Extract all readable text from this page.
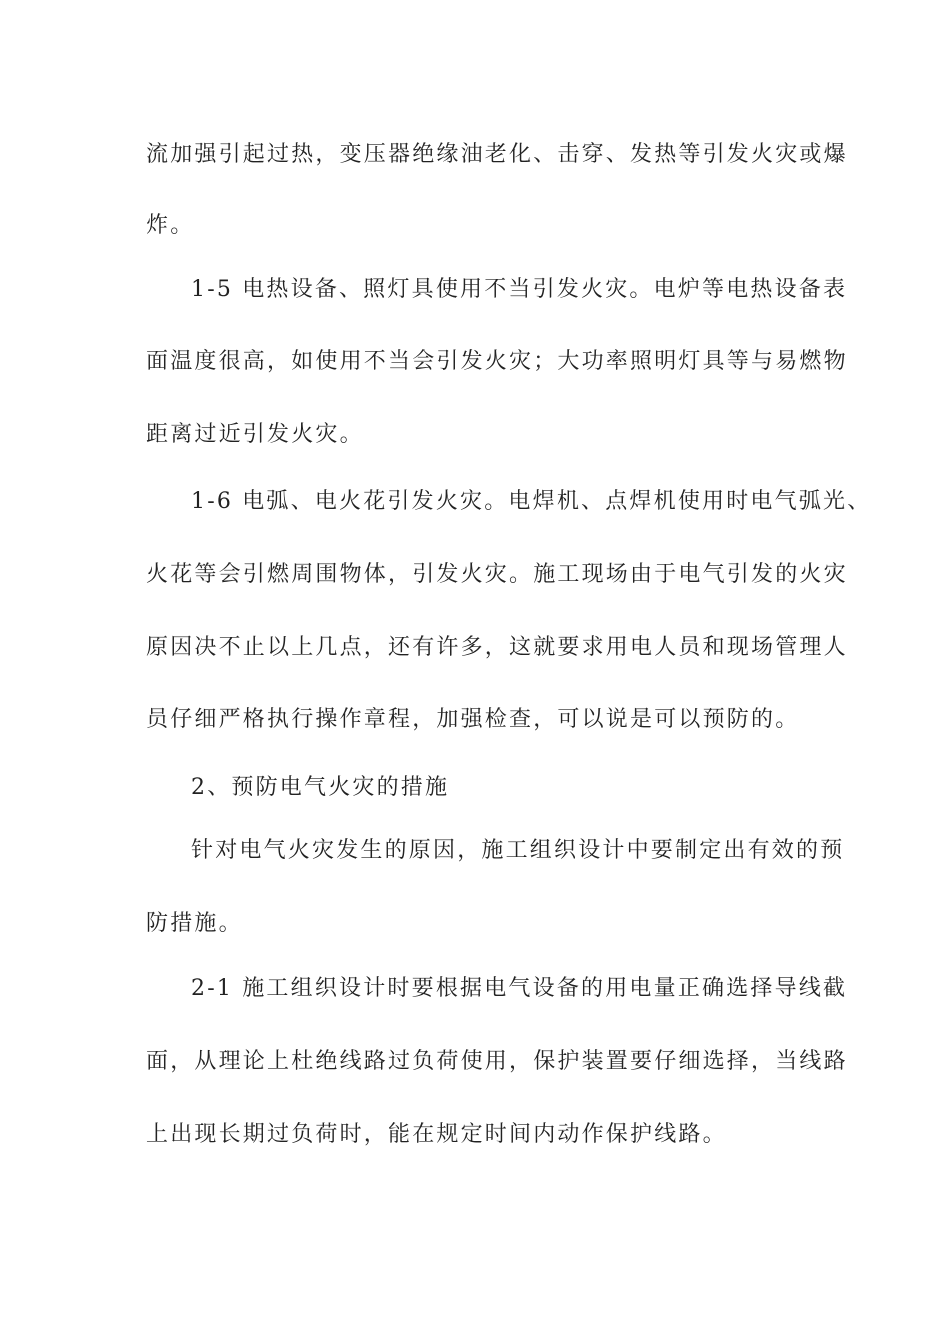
流加强引起过热，变压器绝缘油老化、击穿、发热等引发火灾或爆
炸。
1-5 电热设备、照灯具使用不当引发火灾。电炉等电热设备表
面温度很高，如使用不当会引发火灾；大功率照明灯具等与易燃物
距离过近引发火灾。
1-6 电弧、电火花引发火灾。电焊机、点焊机使用时电气弧光、
火花等会引燃周围物体，引发火灾。施工现场由于电气引发的火灾
原因决不止以上几点，还有许多，这就要求用电人员和现场管理人
员仔细严格执行操作章程，加强检查，可以说是可以预防的。
2、预防电气火灾的措施
针对电气火灾发生的原因，施工组织设计中要制定出有效的预
防措施。
2-1 施工组织设计时要根据电气设备的用电量正确选择导线截
面，从理论上杜绝线路过负荷使用，保护装置要仔细选择，当线路
上出现长期过负荷时，能在规定时间内动作保护线路。
